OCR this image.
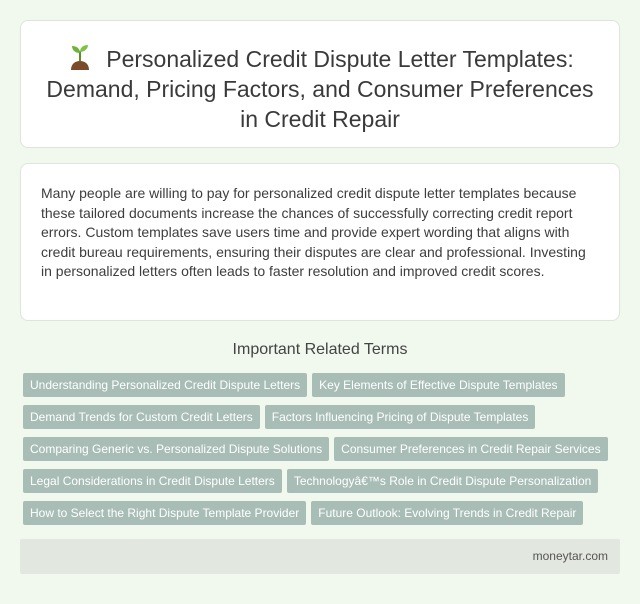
Personalized Credit Dispute Letter Templates: Demand, Pricing Factors, and Consumer Preferences in Credit Repair

Many people are willing to pay for personalized credit dispute letter templates because these tailored documents increase the chances of successfully correcting credit report errors. Custom templates save users time and provide expert wording that aligns with credit bureau requirements, ensuring their disputes are clear and professional. Investing in personalized letters often leads to faster resolution and improved credit scores.

Important Related Terms
Understanding Personalized Credit Dispute Letters Key Elements of Effective Dispute Templates
Demand Trends for Custom Credit Letters Factors Influencing Pricing of Dispute Templates
Comparing Generic vs. Personalized Dispute Solutions Consumer Preferences in Credit Repair Services
Legal Considerations in Credit Dispute Letters Technologyâ€™s Role in Credit Dispute Personalization
How to Select the Right Dispute Template Provider Future Outlook: Evolving Trends in Credit Repair
moneytar.com
